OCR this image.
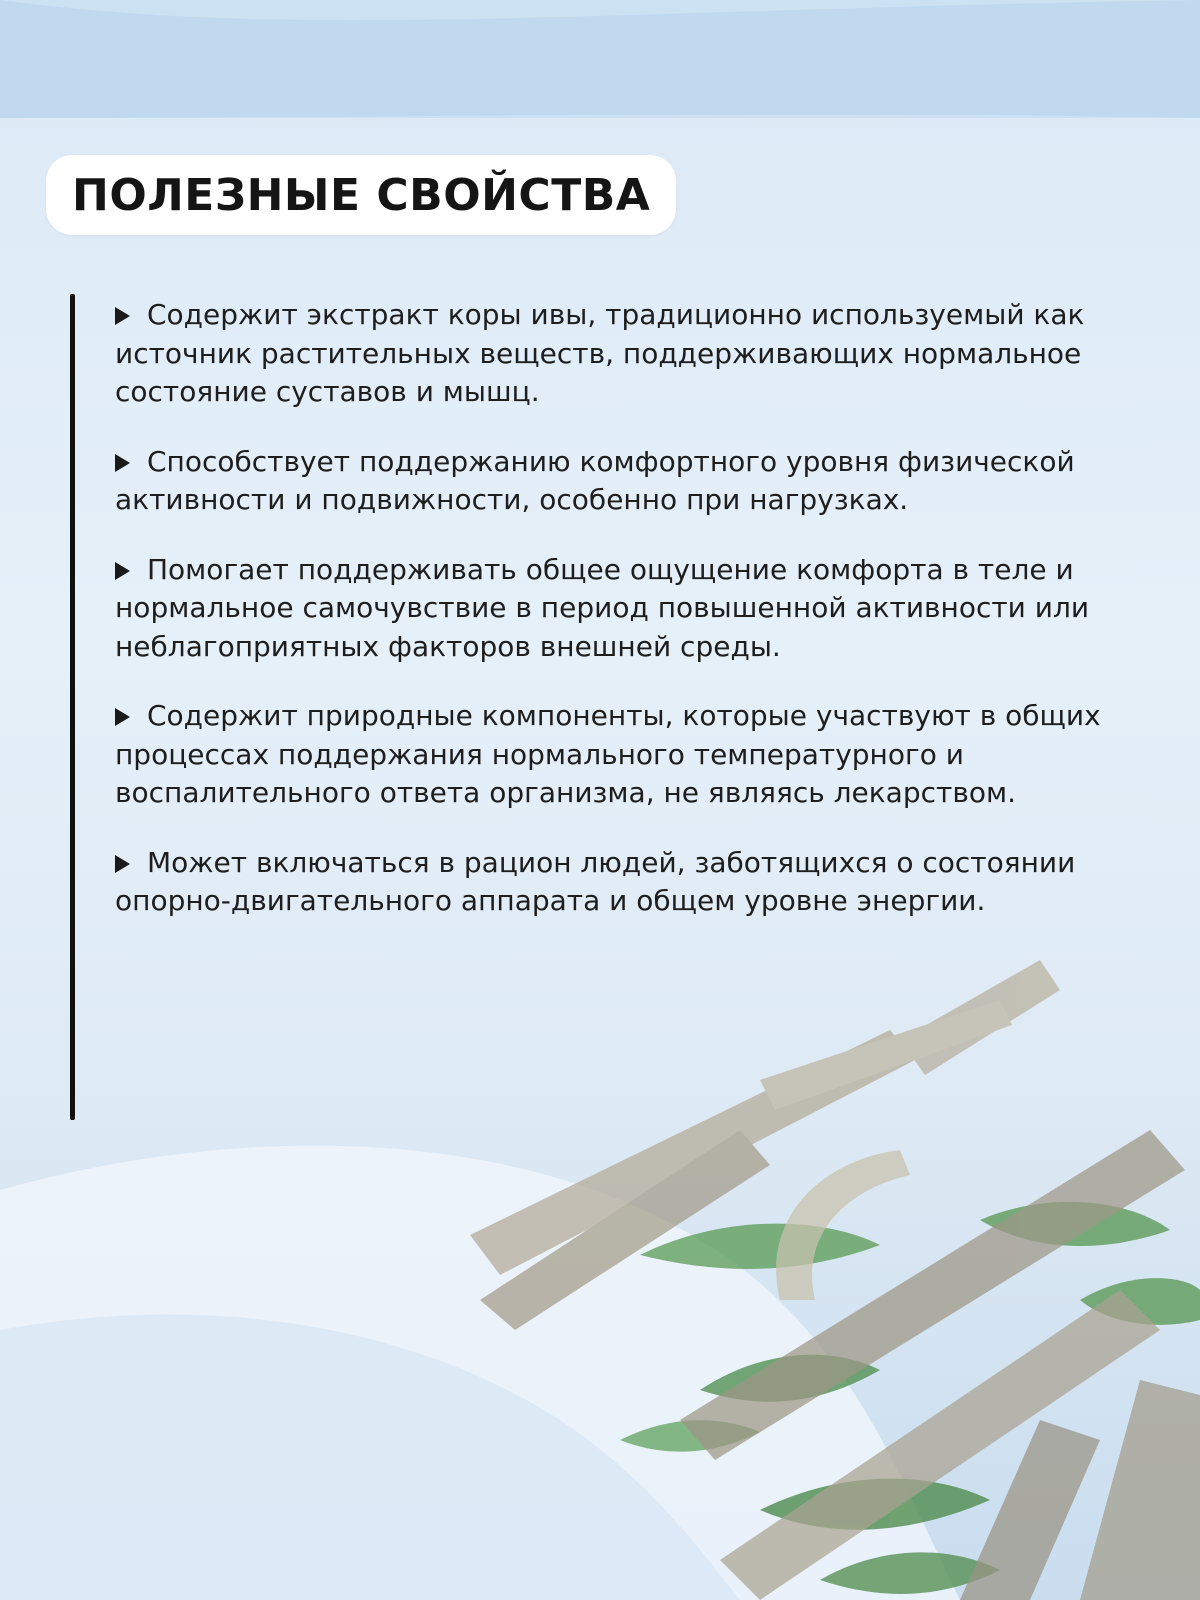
ПОЛЕЗНЫЕ СВОЙСТВА
Содержит экстракт коры ивы, традиционно используемый как источник растительных веществ, поддерживающих нормальное состояние суставов и мышц.
Способствует поддержанию комфортного уровня физической активности и подвижности, особенно при нагрузках.
Помогает поддерживать общее ощущение комфорта в теле и нормальное самочувствие в период повышенной активности или неблагоприятных факторов внешней среды.
Содержит природные компоненты, которые участвуют в общих процессах поддержания нормального температурного и воспалительного ответа организма, не являясь лекарством.
Может включаться в рацион людей, заботящихся о состоянии опорно-двигательного аппарата и общем уровне энергии.
